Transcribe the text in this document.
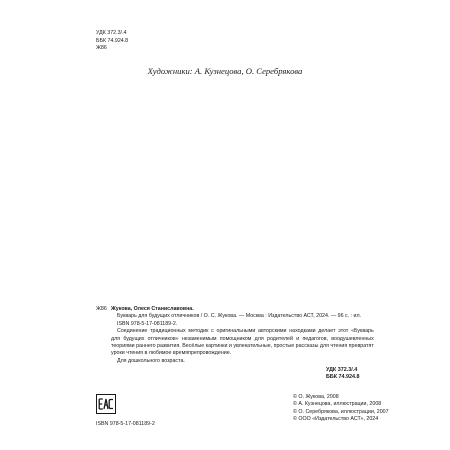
УДК 372.3/.4
ББК 74.924.8
Ж86
Художники: А. Кузнецова, О. Серебрякова
Ж86 Жукова, Олеся Станиславовна.
Букварь для будущих отличников / О. С. Жукова. — Москва : Издательство АСТ, 2024. — 96 с. : ил.
ISBN 978-5-17-081189-2.
Соединение традиционных методик с оригинальными авторскими находками делает этот «Букварь
для будущих отличников» незаменимым помощником для родителей и педагогов, воодушевленных
теориями раннего развития. Весёлые картинки и увлекательные, простые рассказы для чтения превратят
уроки чтения в любимое времяпрепровождение.
Для дошкольного возраста.
УДК 372.3/.4
ББК 74.924.8
ISBN 978-5-17-081189-2
© О. Жукова, 2008
© А. Кузнецова, иллюстрации, 2008
© О. Серебрякова, иллюстрации, 2007
© ООО «Издательство АСТ», 2024
